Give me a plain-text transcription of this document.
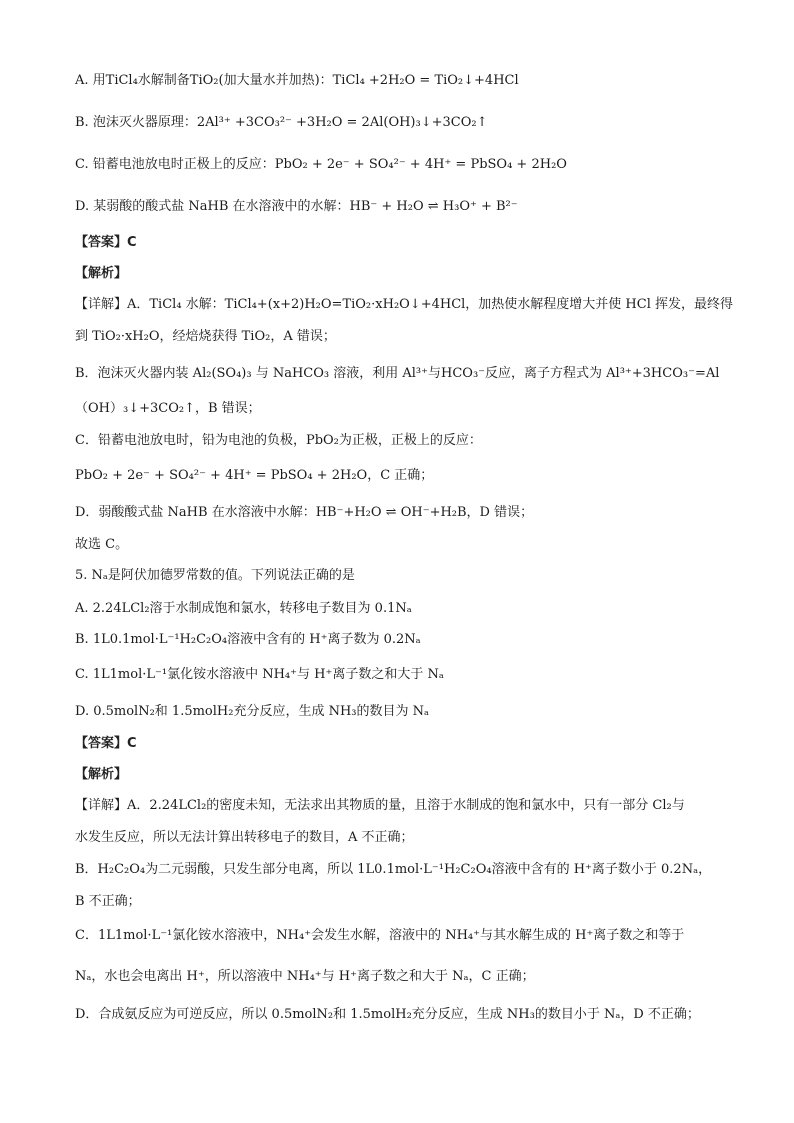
A. 用TiCl₄水解制备TiO₂(加大量水并加热)：TiCl₄ +2H₂O = TiO₂↓+4HCl
B. 泡沫灭火器原理：2Al³⁺ +3CO₃²⁻ +3H₂O = 2Al(OH)₃↓+3CO₂↑
C. 铅蓄电池放电时正极上的反应：PbO₂ + 2e⁻ + SO₄²⁻ + 4H⁺ = PbSO₄ + 2H₂O
D. 某弱酸的酸式盐 NaHB 在水溶液中的水解：HB⁻ + H₂O ⇌ H₃O⁺ + B²⁻
【答案】C
【解析】
【详解】A．TiCl₄ 水解：TiCl₄+(x+2)H₂O=TiO₂·xH₂O↓+4HCl，加热使水解程度增大并使 HCl 挥发，最终得
到 TiO₂·xH₂O，经焙烧获得 TiO₂，A 错误；
B．泡沫灭火器内装 Al₂(SO₄)₃ 与 NaHCO₃ 溶液，利用 Al³⁺与HCO₃⁻反应，离子方程式为 Al³⁺+3HCO₃⁻=Al
（OH）₃↓+3CO₂↑，B 错误；
C．铅蓄电池放电时，铅为电池的负极，PbO₂为正极，正极上的反应：
PbO₂ + 2e⁻ + SO₄²⁻ + 4H⁺ = PbSO₄ + 2H₂O，C 正确；
D．弱酸酸式盐 NaHB 在水溶液中水解：HB⁻+H₂O ⇌ OH⁻+H₂B，D 错误；
故选 C。
5. Nₐ是阿伏加德罗常数的值。下列说法正确的是
A. 2.24LCl₂溶于水制成饱和氯水，转移电子数目为 0.1Nₐ
B. 1L0.1mol·L⁻¹H₂C₂O₄溶液中含有的 H⁺离子数为 0.2Nₐ
C. 1L1mol·L⁻¹氯化铵水溶液中 NH₄⁺与 H⁺离子数之和大于 Nₐ
D. 0.5molN₂和 1.5molH₂充分反应，生成 NH₃的数目为 Nₐ
【答案】C
【解析】
【详解】A．2.24LCl₂的密度未知，无法求出其物质的量，且溶于水制成的饱和氯水中，只有一部分 Cl₂与
水发生反应，所以无法计算出转移电子的数目，A 不正确；
B．H₂C₂O₄为二元弱酸，只发生部分电离，所以 1L0.1mol·L⁻¹H₂C₂O₄溶液中含有的 H⁺离子数小于 0.2Nₐ，
B 不正确；
C．1L1mol·L⁻¹氯化铵水溶液中，NH₄⁺会发生水解，溶液中的 NH₄⁺与其水解生成的 H⁺离子数之和等于
Nₐ，水也会电离出 H⁺，所以溶液中 NH₄⁺与 H⁺离子数之和大于 Nₐ，C 正确；
D．合成氨反应为可逆反应，所以 0.5molN₂和 1.5molH₂充分反应，生成 NH₃的数目小于 Nₐ，D 不正确；
